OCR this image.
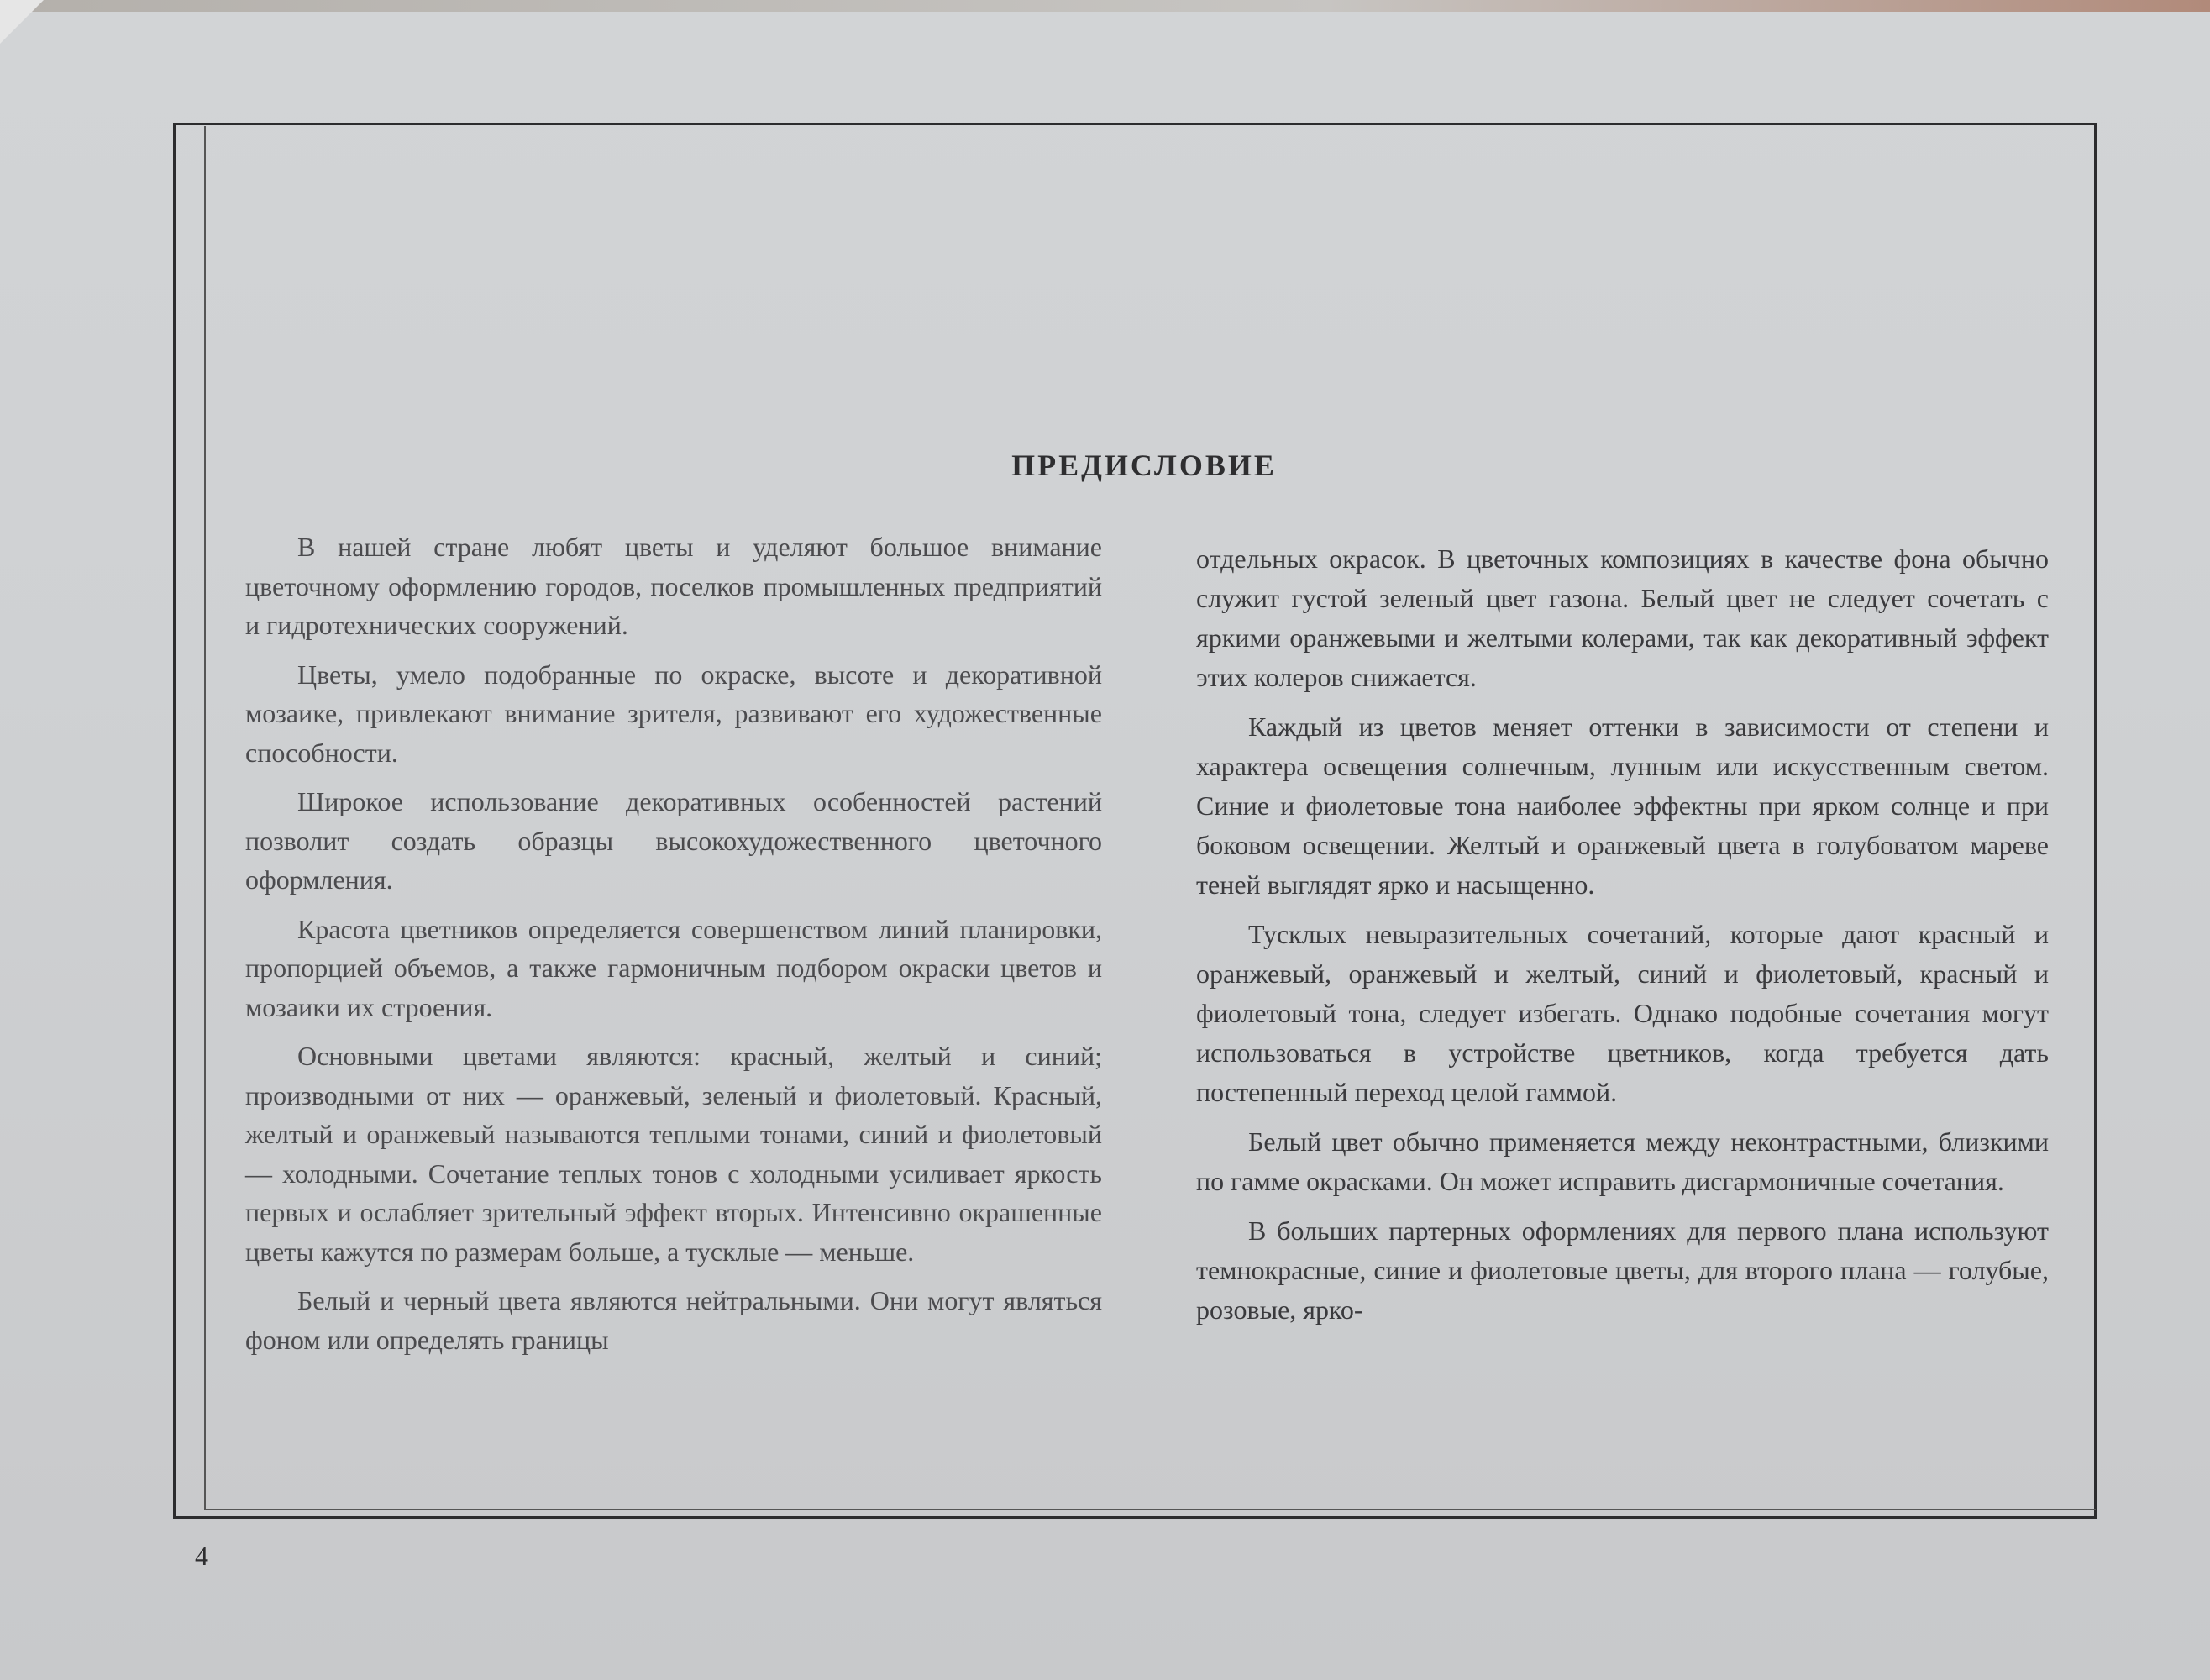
ПРЕДИСЛОВИЕ

В нашей стране любят цветы и уделяют большое внимание цветочному оформлению городов, поселков промышленных предприятий и гидротехнических сооружений.

Цветы, умело подобранные по окраске, высоте и декоративной мозаике, привлекают внимание зрителя, развивают его художественные способности.

Широкое использование декоративных особенностей растений позволит создать образцы высокохудожественного цветочного оформления.

Красота цветников определяется совершенством линий планировки, пропорцией объемов, а также гармоничным подбором окраски цветов и мозаики их строения.

Основными цветами являются: красный, желтый и синий; производными от них — оранжевый, зеленый и фиолетовый. Красный, желтый и оранжевый называются теплыми тонами, синий и фиолетовый — холодными. Сочетание теплых тонов с холодными усиливает яркость первых и ослабляет зрительный эффект вторых. Интенсивно окрашенные цветы кажутся по размерам больше, а тусклые — меньше.

Белый и черный цвета являются нейтральными. Они могут являться фоном или определять границы

отдельных окрасок. В цветочных композициях в качестве фона обычно служит густой зеленый цвет газона. Белый цвет не следует сочетать с яркими оранжевыми и желтыми колерами, так как декоративный эффект этих колеров снижается.

Каждый из цветов меняет оттенки в зависимости от степени и характера освещения солнечным, лунным или искусственным светом. Синие и фиолетовые тона наиболее эффектны при ярком солнце и при боковом освещении. Желтый и оранжевый цвета в голубоватом мареве теней выглядят ярко и насыщенно.

Тусклых невыразительных сочетаний, которые дают красный и оранжевый, оранжевый и желтый, синий и фиолетовый, красный и фиолетовый тона, следует избегать. Однако подобные сочетания могут использоваться в устройстве цветников, когда требуется дать постепенный переход целой гаммой.

Белый цвет обычно применяется между неконтрастными, близкими по гамме окрасками. Он может исправить дисгармоничные сочетания.

В больших партерных оформлениях для первого плана используют темнокрасные, синие и фиолетовые цветы, для второго плана — голубые, розовые, ярко-

4
